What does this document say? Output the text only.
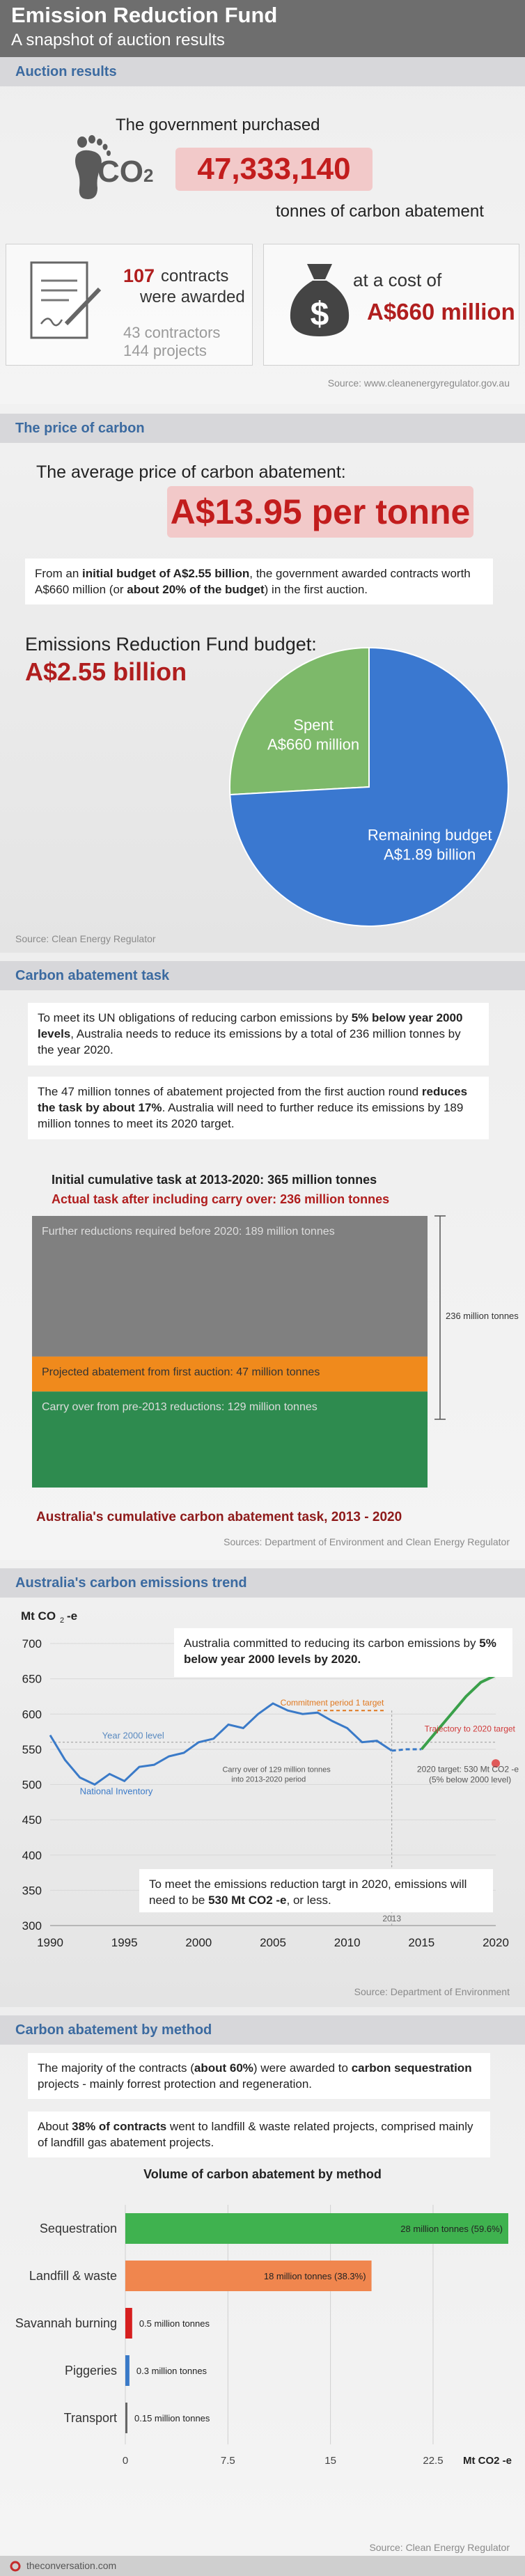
Emission Reduction Fund
A snapshot of auction results
Auction results
CO2
The government purchased
47,333,140
tonnes of carbon abatement
107 contracts
were awarded
43 contractors
144 projects
$
at a cost of
A$660 million
Source: www.cleanenergyregulator.gov.au
The price of carbon
The average price of carbon abatement:
A$13.95 per tonne
From an initial budget of A$2.55 billion, the government awarded contracts worth A$660 million (or about 20% of the budget) in the first auction.
Emissions Reduction Fund budget:
A$2.55 billion
Spent
A$660 million
Remaining budget
A$1.89 billion
Source: Clean Energy Regulator
Carbon abatement task
To meet its UN obligations of reducing carbon emissions by 5% below year 2000 levels, Australia needs to reduce its emissions by a total of 236 million tonnes by the year 2020.
The 47 million tonnes of abatement projected from the first auction round reduces the task by about 17%. Australia will need to further reduce its emissions by 189 million tonnes to meet its 2020 target.
Initial cumulative task at 2013-2020: 365 million tonnes
Actual task after including carry over: 236 million tonnes
Further reductions required before 2020: 189 million tonnes
Projected abatement from first auction: 47 million tonnes
Carry over from pre-2013 reductions: 129 million tonnes
236 million tonnes
Australia's cumulative carbon abatement task, 2013 - 2020
Sources: Department of Environment and Clean Energy Regulator
Australia's carbon emissions trend
Mt CO 2 -e
300
350
400
450
500
550
600
650
700
1990	1995	2000	2005	2010	2015	2020
Year 2000 level
National Inventory
Commitment period 1 target
Carry over of 129 million tonnes into 2013-2020 period
Trajectory to 2020 target
2020 target: 530 Mt CO2 -e (5% below 2000 level)
2013
Australia committed to reducing its carbon emissions by 5% below year 2000 levels by 2020.
To meet the emissions reduction targt in 2020, emissions will need to be 530 Mt CO2 -e, or less.
Source: Department of Environment
Carbon abatement by method
The majority of the contracts (about 60%) were awarded to carbon sequestration projects - mainly forrest protection and regeneration.
About 38% of contracts went to landfill & waste related projects, comprised mainly of landfill gas abatement projects.
Volume of carbon abatement by method
0	7.5	15	22.5 Mt CO2 -e
Sequestration	28 million tonnes (59.6%)
Landfill & waste	18 million tonnes (38.3%)
Savannah burning 0.5 million tonnes
Piggeries 0.3 million tonnes
Transport 0.15 million tonnes
Source: Clean Energy Regulator
theconversation.com
